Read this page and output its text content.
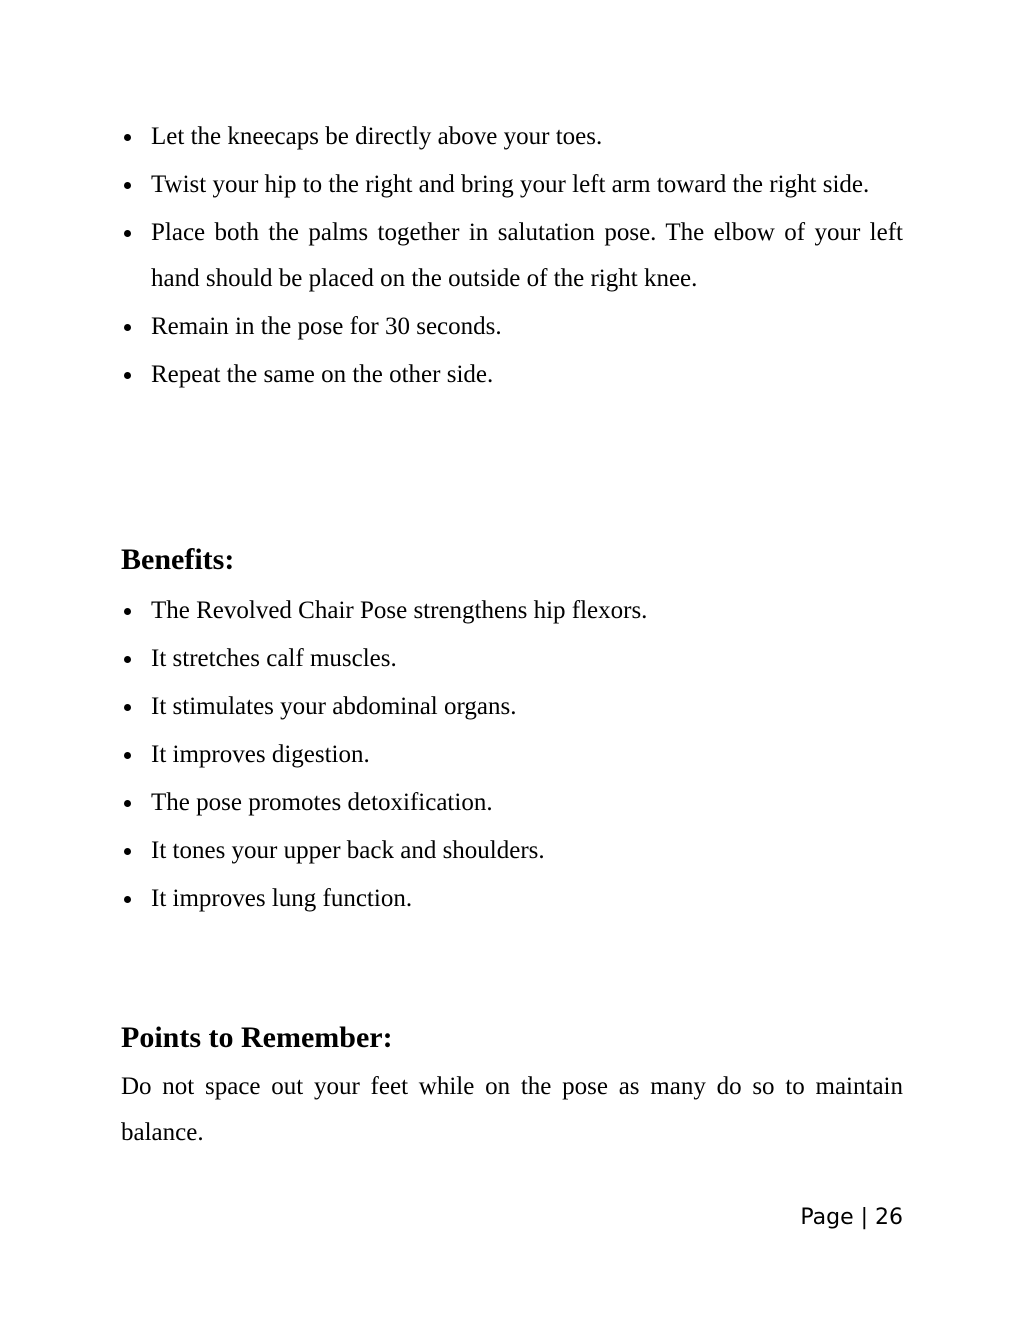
Let the kneecaps be directly above your toes.
Twist your hip to the right and bring your left arm toward the right side.
Place both the palms together in salutation pose. The elbow of your left hand should be placed on the outside of the right knee.
Remain in the pose for 30 seconds.
Repeat the same on the other side.
Benefits:
The Revolved Chair Pose strengthens hip flexors.
It stretches calf muscles.
It stimulates your abdominal organs.
It improves digestion.
The pose promotes detoxification.
It tones your upper back and shoulders.
It improves lung function.
Points to Remember:

Do not space out your feet while on the pose as many do so to maintain balance.

Page | 26
